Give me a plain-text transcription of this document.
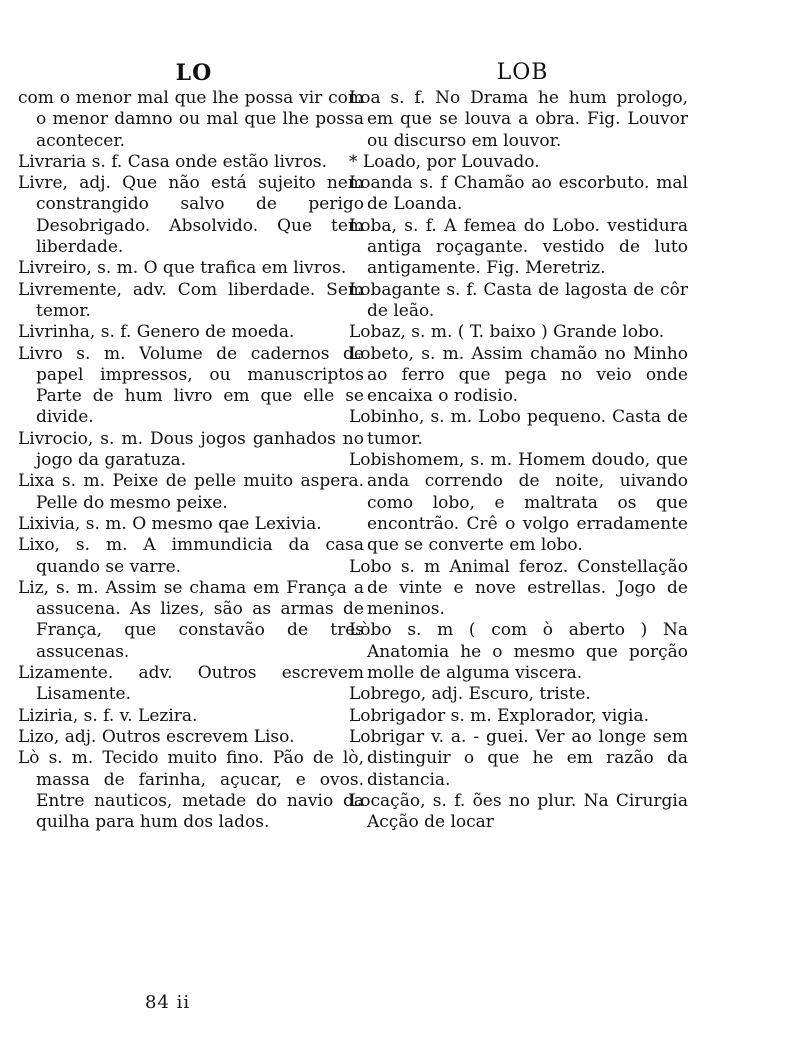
LO
com o menor mal que lhe possa vir com o menor damno ou mal que lhe possa acontecer.
Livraria s. f. Casa onde estão livros.
Livre, adj. Que não está sujeito nem constrangido salvo de perigo Desobrigado. Absolvido. Que tem liberdade.
Livreiro, s. m. O que trafica em livros.
Livremente, adv. Com liberdade. Sem temor.
Livrinha, s. f. Genero de moeda.
Livro s. m. Volume de cadernos de papel impressos, ou manuscriptos Parte de hum livro em que elle se divide.
Livrocio, s. m. Dous jogos ganhados no jogo da garatuza.
Lixa s. m. Peixe de pelle muito aspera. Pelle do mesmo peixe.
Lixivia, s. m. O mesmo qae Lexivia.
Lixo, s. m. A immundicia da casa quando se varre.
Liz, s. m. Assim se chama em França a assucena. As lizes, são as armas de França, que constavão de tres assucenas.
Lizamente. adv. Outros escrevem Lisamente.
Liziria, s. f. v. Lezira.
Lizo, adj. Outros escrevem Liso.
Lò s. m. Tecido muito fino. Pão de lò, massa de farinha, açucar, e ovos. Entre nauticos, metade do navio da quilha para hum dos lados.
LOB
Loa s. f. No Drama he hum prologo, em que se louva a obra. Fig. Louvor ou discurso em louvor.
* Loado, por Louvado.
Loanda s. f Chamão ao escorbuto. mal de Loanda.
Loba, s. f. A femea do Lobo. vestidura antiga roçagante. vestido de luto antigamente. Fig. Meretriz.
Lobagante s. f. Casta de lagosta de côr de leão.
Lobaz, s. m. ( T. baixo ) Grande lobo.
Lobeto, s. m. Assim chamão no Minho ao ferro que pega no veio onde encaixa o rodisio.
Lobinho, s. m. Lobo pequeno. Casta de tumor.
Lobishomem, s. m. Homem doudo, que anda correndo de noite, uivando como lobo, e maltrata os que encontrão. Crê o volgo erradamente que se converte em lobo.
Lobo s. m Animal feroz. Constellação de vinte e nove estrellas. Jogo de meninos.
Lòbo s. m ( com ò aberto ) Na Anatomia he o mesmo que porção molle de alguma viscera.
Lobrego, adj. Escuro, triste.
Lobrigador s. m. Explorador, vigia.
Lobrigar v. a. - guei. Ver ao longe sem distinguir o que he em razão da distancia.
Locação, s. f. ões no plur. Na Cirurgia Acção de locar
84 ii
